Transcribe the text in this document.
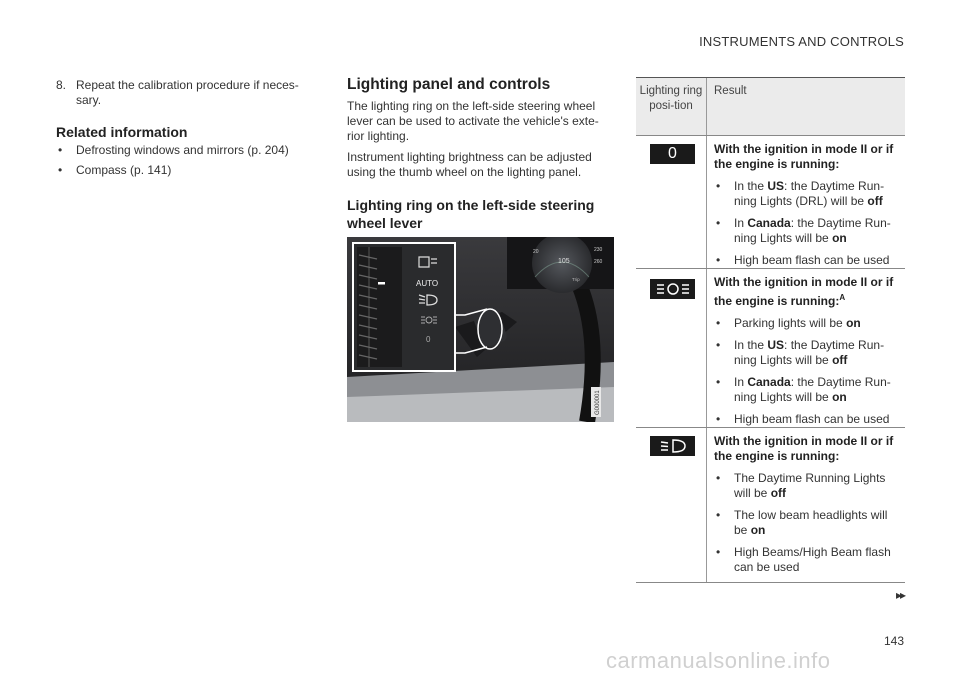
INSTRUMENTS AND CONTROLS
8. Repeat the calibration procedure if neces-sary.
Related information
• Defrosting windows and mirrors (p. 204)
• Compass (p. 141)
Lighting panel and controls
The lighting ring on the left-side steering wheel lever can be used to activate the vehicle's exte-rior lighting.
Instrument lighting brightness can be adjusted using the thumb wheel on the lighting panel.
Lighting ring on the left-side steering wheel lever
20
105
230
260
Trip
AUTO
0
G000001
Lighting ring posi-tion
Result
0	With the ignition in mode II or if the engine is running:
• In the US: the Daytime Run-ning Lights (DRL) will be off
• In Canada: the Daytime Run-ning Lights will be on
• High beam flash can be used
With the ignition in mode II or if the engine is running:$^A$
• Parking lights will be on
• In the US: the Daytime Run-ning Lights will be off
• In Canada: the Daytime Run-ning Lights will be on
• High beam flash can be used
With the ignition in mode II or if the engine is running:
• The Daytime Running Lights will be off
• The low beam headlights will be on
• High Beams/High Beam flash can be used
▸▸
143
carmanualsonline.info
